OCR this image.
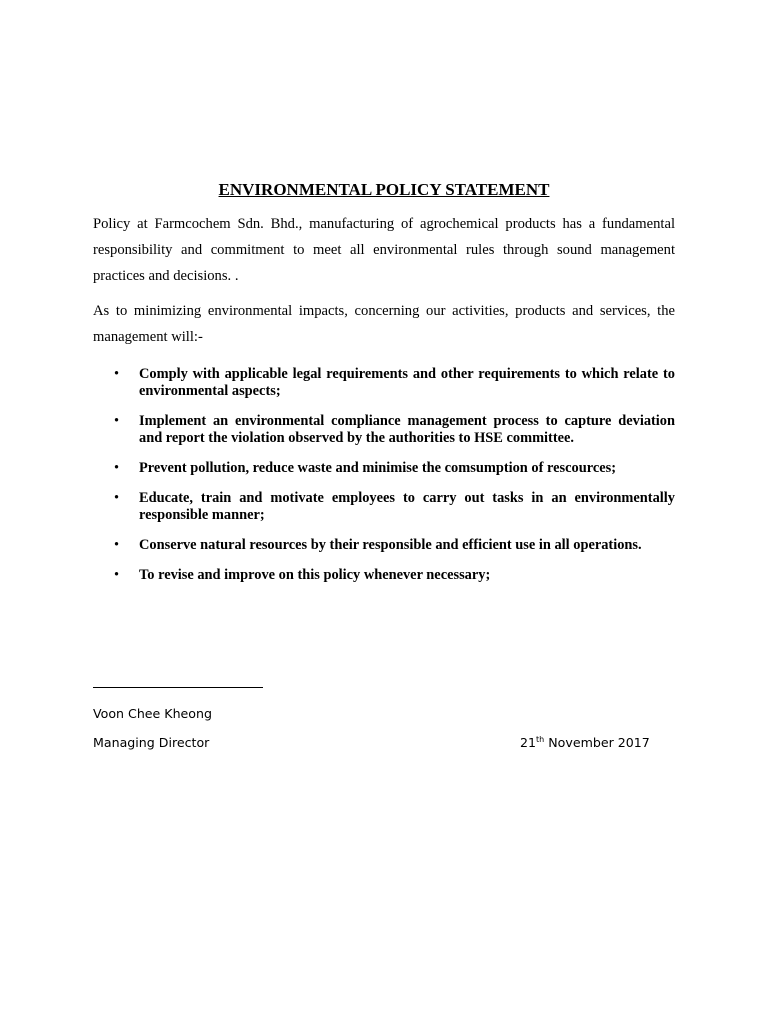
ENVIRONMENTAL POLICY STATEMENT

Policy at Farmcochem Sdn. Bhd., manufacturing of agrochemical products has a fundamental responsibility and commitment to meet all environmental rules through sound management practices and decisions. .

As to minimizing environmental impacts, concerning our activities, products and services, the management will:-

• Comply with applicable legal requirements and other requirements to which relate to environmental aspects;
• Implement an environmental compliance management process to capture deviation and report the violation observed by the authorities to HSE committee.
• Prevent pollution, reduce waste and minimise the comsumption of rescources;
• Educate, train and motivate employees to carry out tasks in an environmentally responsible manner;
• Conserve natural resources by their responsible and efficient use in all operations.
• To revise and improve on this policy whenever necessary;

Voon Chee Kheong

Managing Director	21th November 2017
